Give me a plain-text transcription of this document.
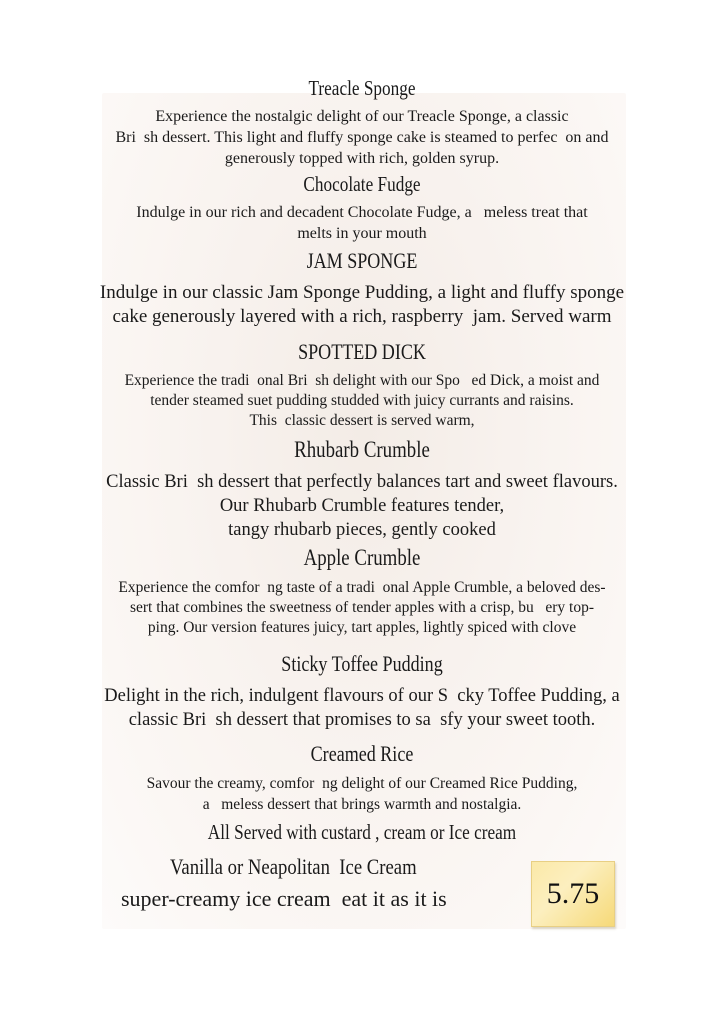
Treacle Sponge
Experience the nostalgic delight of our Treacle Sponge, a classic
Bri  sh dessert. This light and fluffy sponge cake is steamed to perfec  on and
generously topped with rich, golden syrup.
Chocolate Fudge
Indulge in our rich and decadent Chocolate Fudge, a   meless treat that
melts in your mouth
JAM SPONGE
Indulge in our classic Jam Sponge Pudding, a light and fluffy sponge
cake generously layered with a rich, raspberry  jam. Served warm
SPOTTED DICK
Experience the tradi  onal Bri  sh delight with our Spo   ed Dick, a moist and
tender steamed suet pudding studded with juicy currants and raisins.
This  classic dessert is served warm,
Rhubarb Crumble
Classic Bri  sh dessert that perfectly balances tart and sweet flavours.
Our Rhubarb Crumble features tender,
tangy rhubarb pieces, gently cooked
Apple Crumble
Experience the comfor  ng taste of a tradi  onal Apple Crumble, a beloved des-
sert that combines the sweetness of tender apples with a crisp, bu   ery top-
ping. Our version features juicy, tart apples, lightly spiced with clove
Sticky Toffee Pudding
Delight in the rich, indulgent flavours of our S  cky Toffee Pudding, a
classic Bri  sh dessert that promises to sa  sfy your sweet tooth.
Creamed Rice
Savour the creamy, comfor  ng delight of our Creamed Rice Pudding,
a   meless dessert that brings warmth and nostalgia.
All Served with custard , cream or Ice cream
Vanilla or Neapolitan  Ice Cream
super-creamy ice cream  eat it as it is	5.75
